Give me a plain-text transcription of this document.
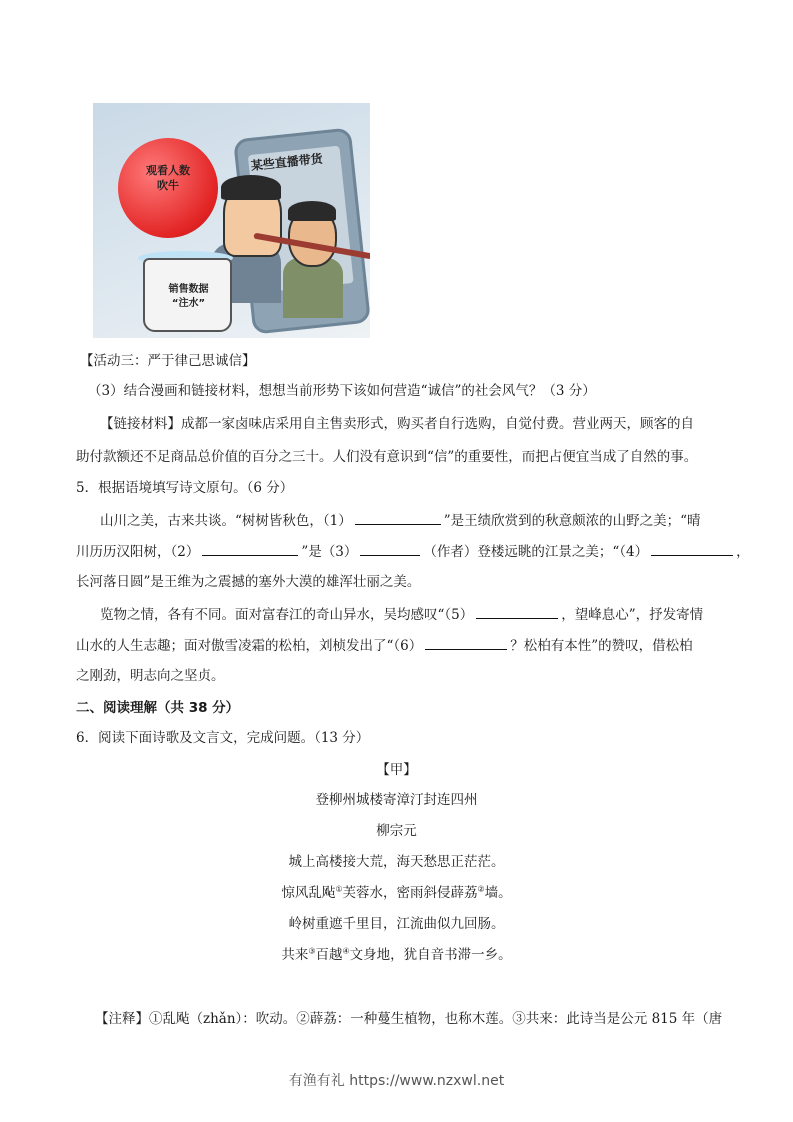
观看人数
吹牛
某些直播带货
销售数据
“注水”
【活动三：严于律己思诚信】
（3）结合漫画和链接材料，想想当前形势下该如何营造“诚信”的社会风气？（3 分）
【链接材料】成都一家卤味店采用自主售卖形式，购买者自行选购，自觉付费。营业两天，顾客的自
助付款额还不足商品总价值的百分之三十。人们没有意识到“信”的重要性，而把占便宜当成了自然的事。
5．根据语境填写诗文原句。（6 分）
山川之美，古来共谈。“树树皆秋色，（1）	”是王绩欣赏到的秋意颇浓的山野之美；“晴
川历历汉阳树，（2）	”是（3）	（作者）登楼远眺的江景之美；“（4）	，
长河落日圆”是王维为之震撼的塞外大漠的雄浑壮丽之美。
览物之情，各有不同。面对富春江的奇山异水，吴均感叹“（5）	，望峰息心”，抒发寄情
山水的人生志趣；面对傲雪凌霜的松柏，刘桢发出了“（6）	？松柏有本性”的赞叹，借松柏
之刚劲，明志向之坚贞。
二、阅读理解（共 38 分）
6．阅读下面诗歌及文言文，完成问题。（13 分）
【甲】
登柳州城楼寄漳汀封连四州
柳宗元
城上高楼接大荒，海天愁思正茫茫。
惊风乱飐①芙蓉水，密雨斜侵薜荔②墙。
岭树重遮千里目，江流曲似九回肠。
共来③百越④文身地，犹自音书滞一乡。
【注释】①乱飐（zhǎn）：吹动。②薜荔：一种蔓生植物，也称木莲。③共来：此诗当是公元 815 年（唐
有渔有礼 https://www.nzxwl.net
